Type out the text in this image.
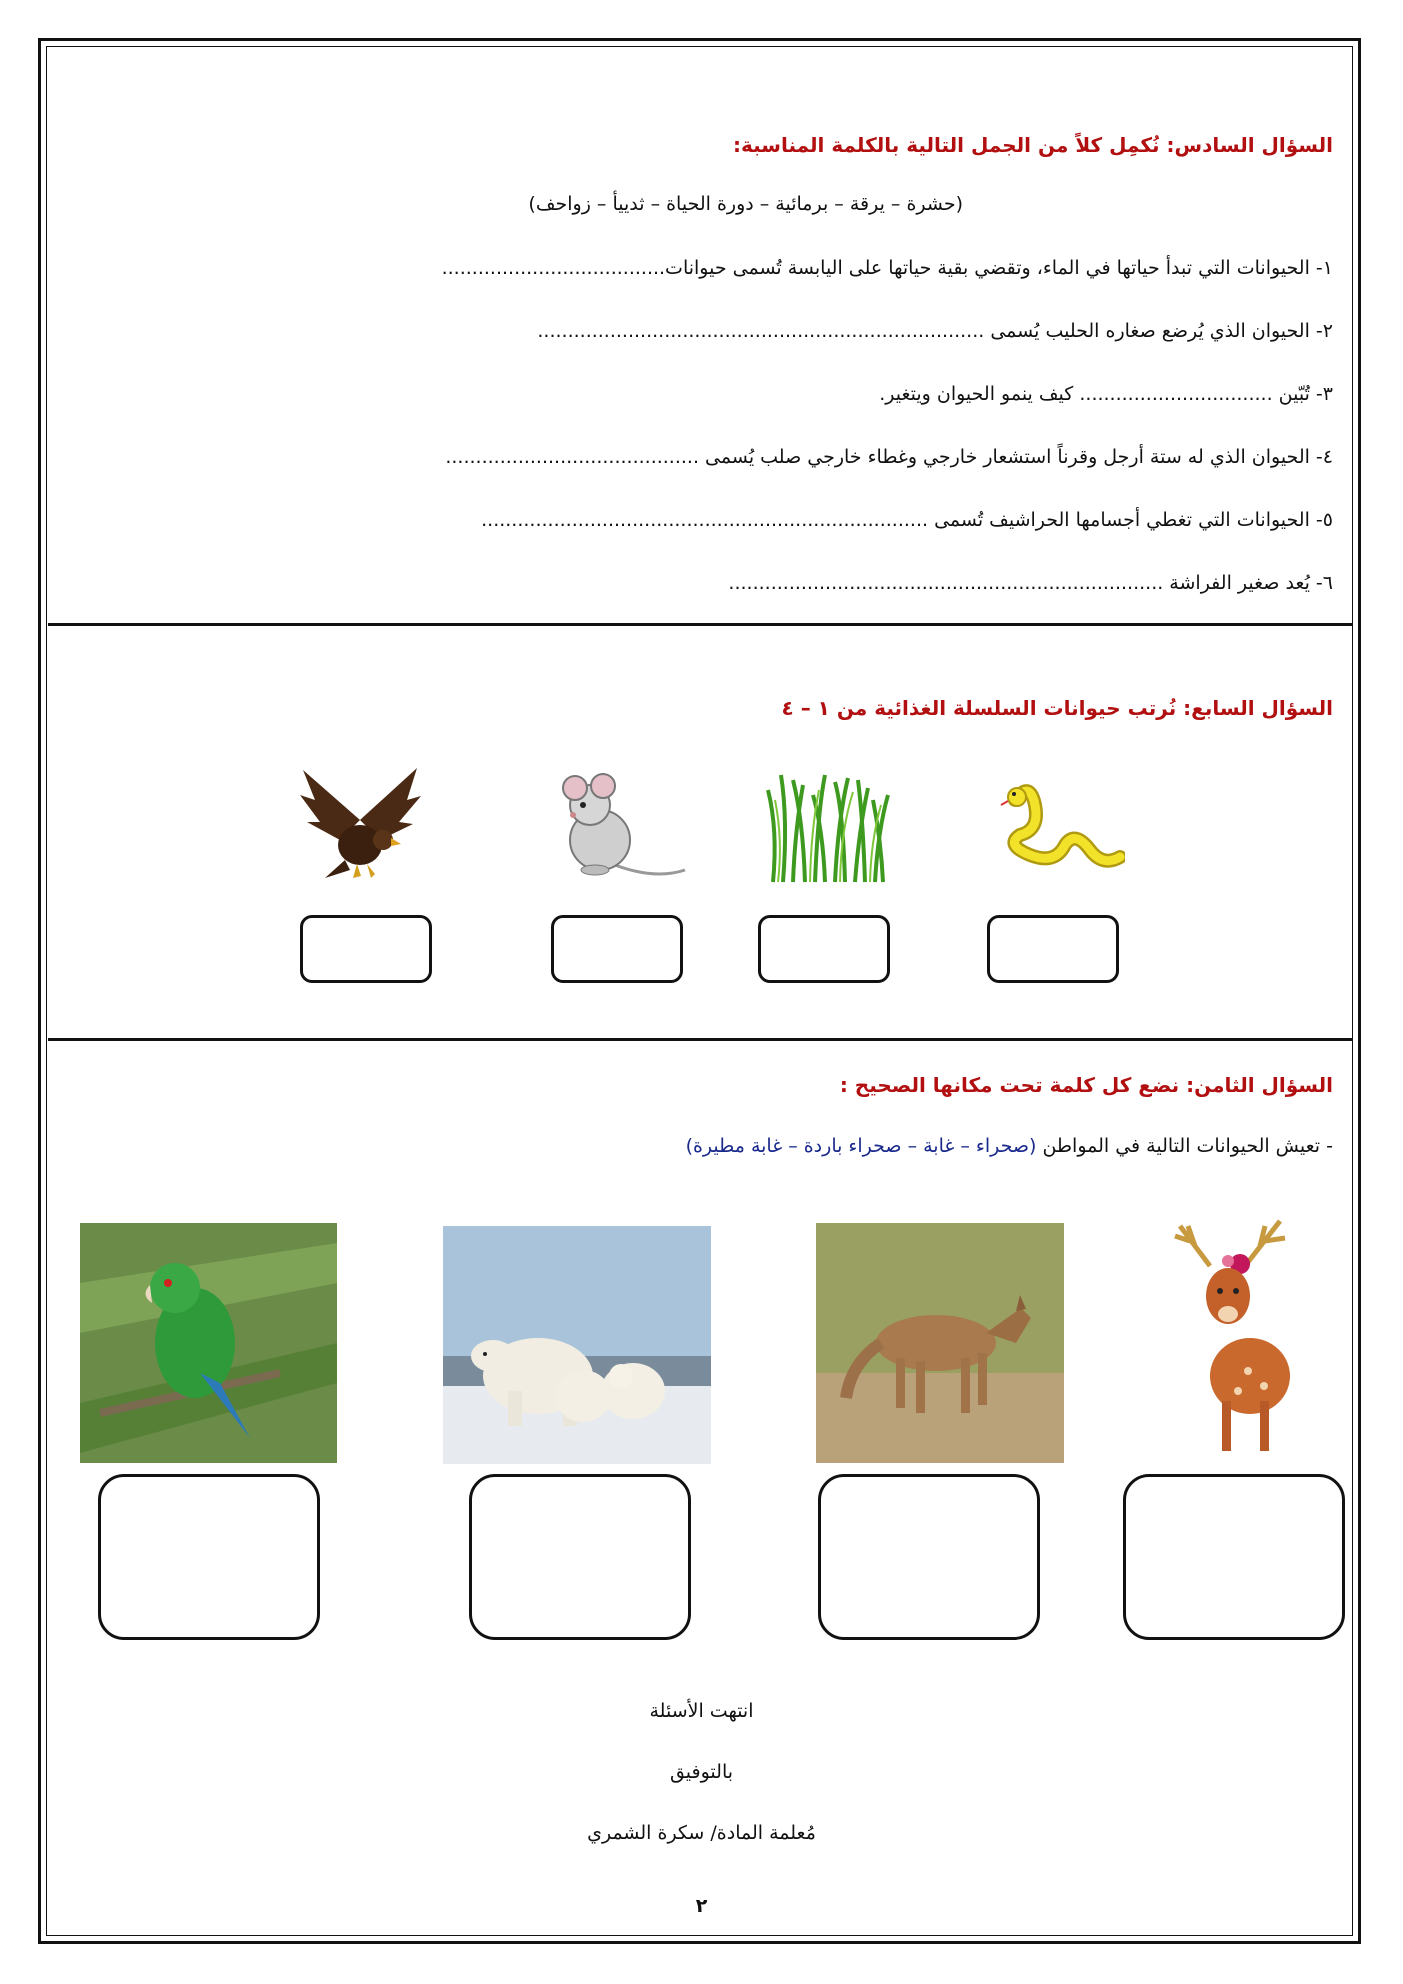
السؤال السادس: نُكمِل كلاً من الجمل التالية بالكلمة المناسبة:
(حشرة – يرقة – برمائية – دورة الحياة – ثدييأ – زواحف)
١- الحيوانات التي تبدأ حياتها في الماء، وتقضي بقية حياتها على اليابسة تُسمى حيوانات.....................................
٢- الحيوان الذي يُرضع صغاره الحليب يُسمى ..........................................................................
٣- تُبّين ................................ كيف ينمو الحيوان ويتغير.
٤- الحيوان الذي له ستة أرجل وقرناً استشعار خارجي وغطاء خارجي صلب يُسمى ..........................................
٥- الحيوانات التي تغطي أجسامها الحراشيف تُسمى ..........................................................................
٦- يُعد صغير الفراشة ........................................................................
السؤال السابع: نُرتب حيوانات السلسلة الغذائية من ١ – ٤
السؤال الثامن: نضع كل كلمة تحت مكانها الصحيح :
- تعيش الحيوانات التالية في المواطن (صحراء – غابة – صحراء باردة – غابة مطيرة)
انتهت الأسئلة
بالتوفيق
مُعلمة المادة/ سكرة الشمري
٢
